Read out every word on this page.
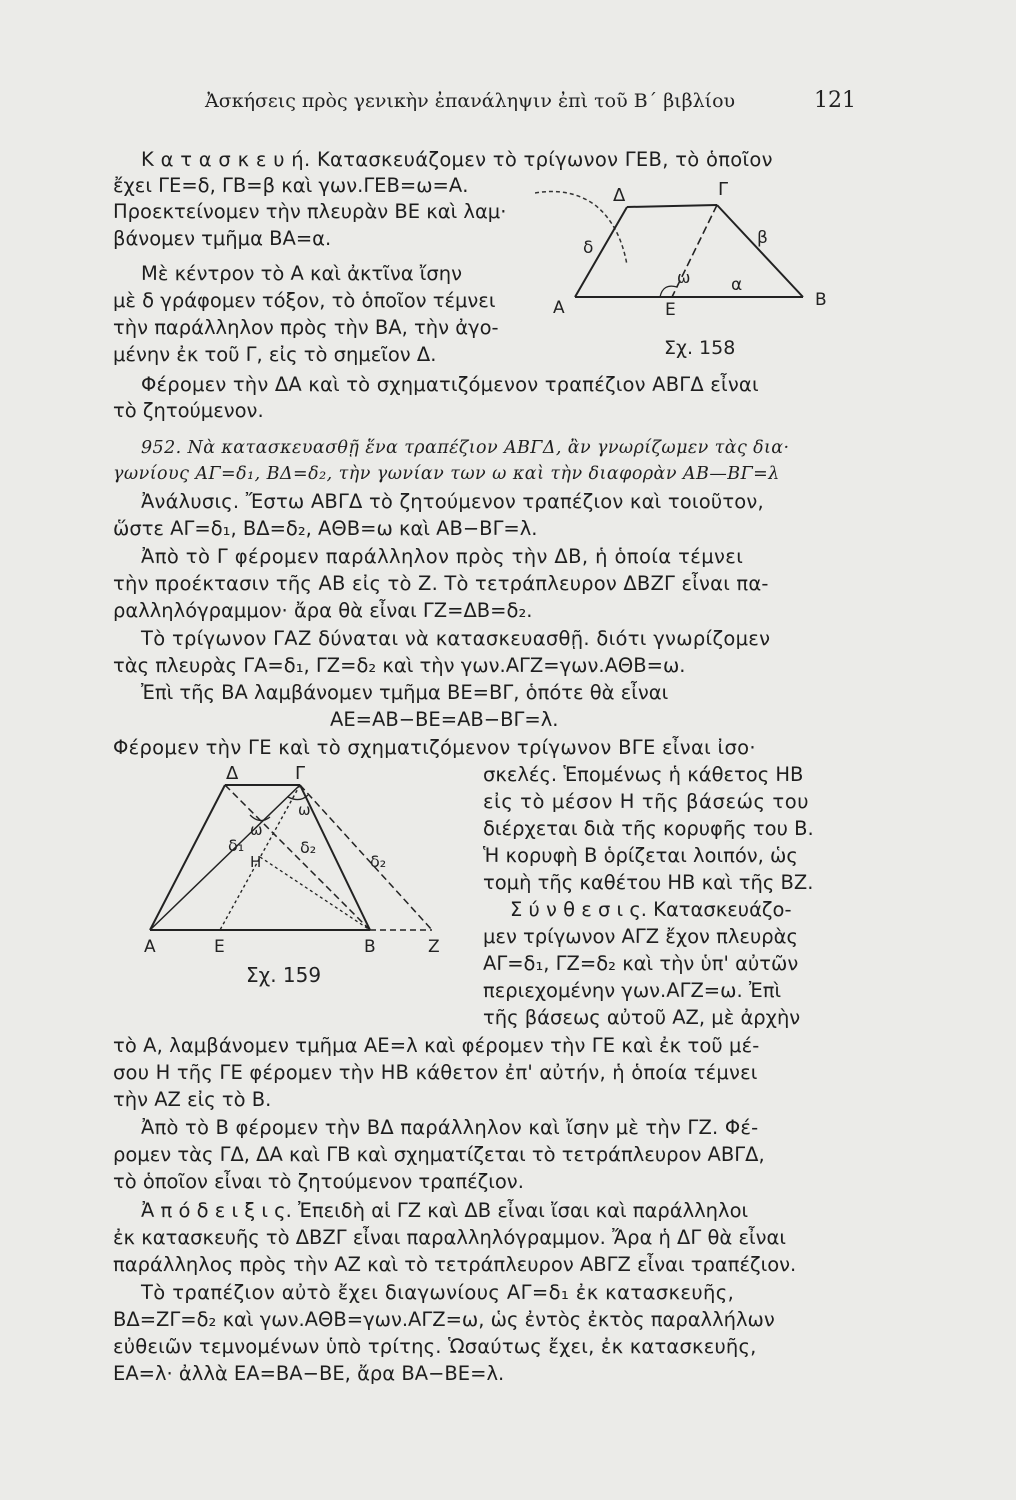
Ἀσκήσεις πρὸς γενικὴν ἐπανάληψιν ἐπὶ τοῦ Β΄ βιβλίου	121
Κ α τ α σ κ ε υ ή. Κατασκευάζομεν τὸ τρίγωνον ΓΕΒ, τὸ ὁποῖον
ἔχει ΓΕ=δ, ΓΒ=β καὶ γων.ΓΕΒ=ω=Α.
Προεκτείνομεν τὴν πλευρὰν ΒΕ καὶ λαμ·
βάνομεν τμῆμα ΒΑ=α.
Μὲ κέντρον τὸ Α καὶ ἀκτῖνα ἴσην
μὲ δ γράφομεν τόξον, τὸ ὁποῖον τέμνει
τὴν παράλληλον πρὸς τὴν ΒΑ, τὴν ἀγο-
μένην ἐκ τοῦ Γ, εἰς τὸ σημεῖον Δ.
Φέρομεν τὴν ΔΑ καὶ τὸ σχηματιζόμενον τραπέζιον ΑΒΓΔ εἶναι
τὸ ζητούμενον.
952. Νὰ κατασκευασθῇ ἕνα τραπέζιον ΑΒΓΔ, ἂν γνωρίζωμεν τὰς δια·
γωνίους ΑΓ=δ₁, ΒΔ=δ₂, τὴν γωνίαν των ω καὶ τὴν διαφορὰν ΑΒ—ΒΓ=λ
Ἀνάλυσις. Ἔστω ΑΒΓΔ τὸ ζητούμενον τραπέζιον καὶ τοιοῦτον,
ὥστε ΑΓ=δ₁, ΒΔ=δ₂, ΑΘΒ=ω καὶ ΑΒ−ΒΓ=λ.
Ἀπὸ τὸ Γ φέρομεν παράλληλον πρὸς τὴν ΔΒ, ἡ ὁποία τέμνει
τὴν προέκτασιν τῆς ΑΒ εἰς τὸ Ζ. Τὸ τετράπλευρον ΔΒΖΓ εἶναι πα-
ραλληλόγραμμον· ἄρα θὰ εἶναι ΓΖ=ΔΒ=δ₂.
Τὸ τρίγωνον ΓΑΖ δύναται νὰ κατασκευασθῇ. διότι γνωρίζομεν
τὰς πλευρὰς ΓΑ=δ₁, ΓΖ=δ₂ καὶ τὴν γων.ΑΓΖ=γων.ΑΘΒ=ω.
Ἐπὶ τῆς ΒΑ λαμβάνομεν τμῆμα ΒΕ=ΒΓ, ὁπότε θὰ εἶναι
ΑΕ=ΑΒ−ΒΕ=ΑΒ−ΒΓ=λ.
Φέρομεν τὴν ΓΕ καὶ τὸ σχηματιζόμενον τρίγωνον ΒΓΕ εἶναι ἰσο·
σκελές. Ἑπομένως ἡ κάθετος ΗΒ
εἰς τὸ μέσον Η τῆς βάσεώς του
διέρχεται διὰ τῆς κορυφῆς του Β.
Ἡ κορυφὴ Β ὁρίζεται λοιπόν, ὡς
τομὴ τῆς καθέτου ΗΒ καὶ τῆς ΒΖ.
Σ ύ ν θ ε σ ι ς. Κατασκευάζο-
μεν τρίγωνον ΑΓΖ ἔχον πλευρὰς
ΑΓ=δ₁, ΓΖ=δ₂ καὶ τὴν ὑπ' αὐτῶν
περιεχομένην γων.ΑΓΖ=ω. Ἐπὶ
τῆς βάσεως αὐτοῦ ΑΖ, μὲ ἀρχὴν
τὸ Α, λαμβάνομεν τμῆμα ΑΕ=λ καὶ φέρομεν τὴν ΓΕ καὶ ἐκ τοῦ μέ-
σου Η τῆς ΓΕ φέρομεν τὴν ΗΒ κάθετον ἐπ' αὐτήν, ἡ ὁποία τέμνει
τὴν ΑΖ εἰς τὸ Β.
Ἀπὸ τὸ Β φέρομεν τὴν ΒΔ παράλληλον καὶ ἴσην μὲ τὴν ΓΖ. Φέ-
ρομεν τὰς ΓΔ, ΔΑ καὶ ΓΒ καὶ σχηματίζεται τὸ τετράπλευρον ΑΒΓΔ,
τὸ ὁποῖον εἶναι τὸ ζητούμενον τραπέζιον.
Ἀ π ό δ ε ι ξ ι ς. Ἐπειδὴ αἱ ΓΖ καὶ ΔΒ εἶναι ἴσαι καὶ παράλληλοι
ἐκ κατασκευῆς τὸ ΔΒΖΓ εἶναι παραλληλόγραμμον. Ἄρα ἡ ΔΓ θὰ εἶναι
παράλληλος πρὸς τὴν ΑΖ καὶ τὸ τετράπλευρον ΑΒΓΖ εἶναι τραπέζιον.
Τὸ τραπέζιον αὐτὸ ἔχει διαγωνίους ΑΓ=δ₁ ἐκ κατασκευῆς,
ΒΔ=ΖΓ=δ₂ καὶ γων.ΑΘΒ=γων.ΑΓΖ=ω, ὡς ἐντὸς ἐκτὸς παραλλήλων
εὐθειῶν τεμνομένων ὑπὸ τρίτης. Ὡσαύτως ἔχει, ἐκ κατασκευῆς,
ΕΑ=λ· ἀλλὰ ΕΑ=ΒΑ−ΒΕ, ἄρα ΒΑ−ΒΕ=λ.
Δ	Γ
δ	β
ω α
Α	Ε	Β
Σχ. 158
Δ	Γ
ω
ω
δ₁
Η
δ₂
δ₂
Α	Ε	Β	Ζ
Σχ. 159
